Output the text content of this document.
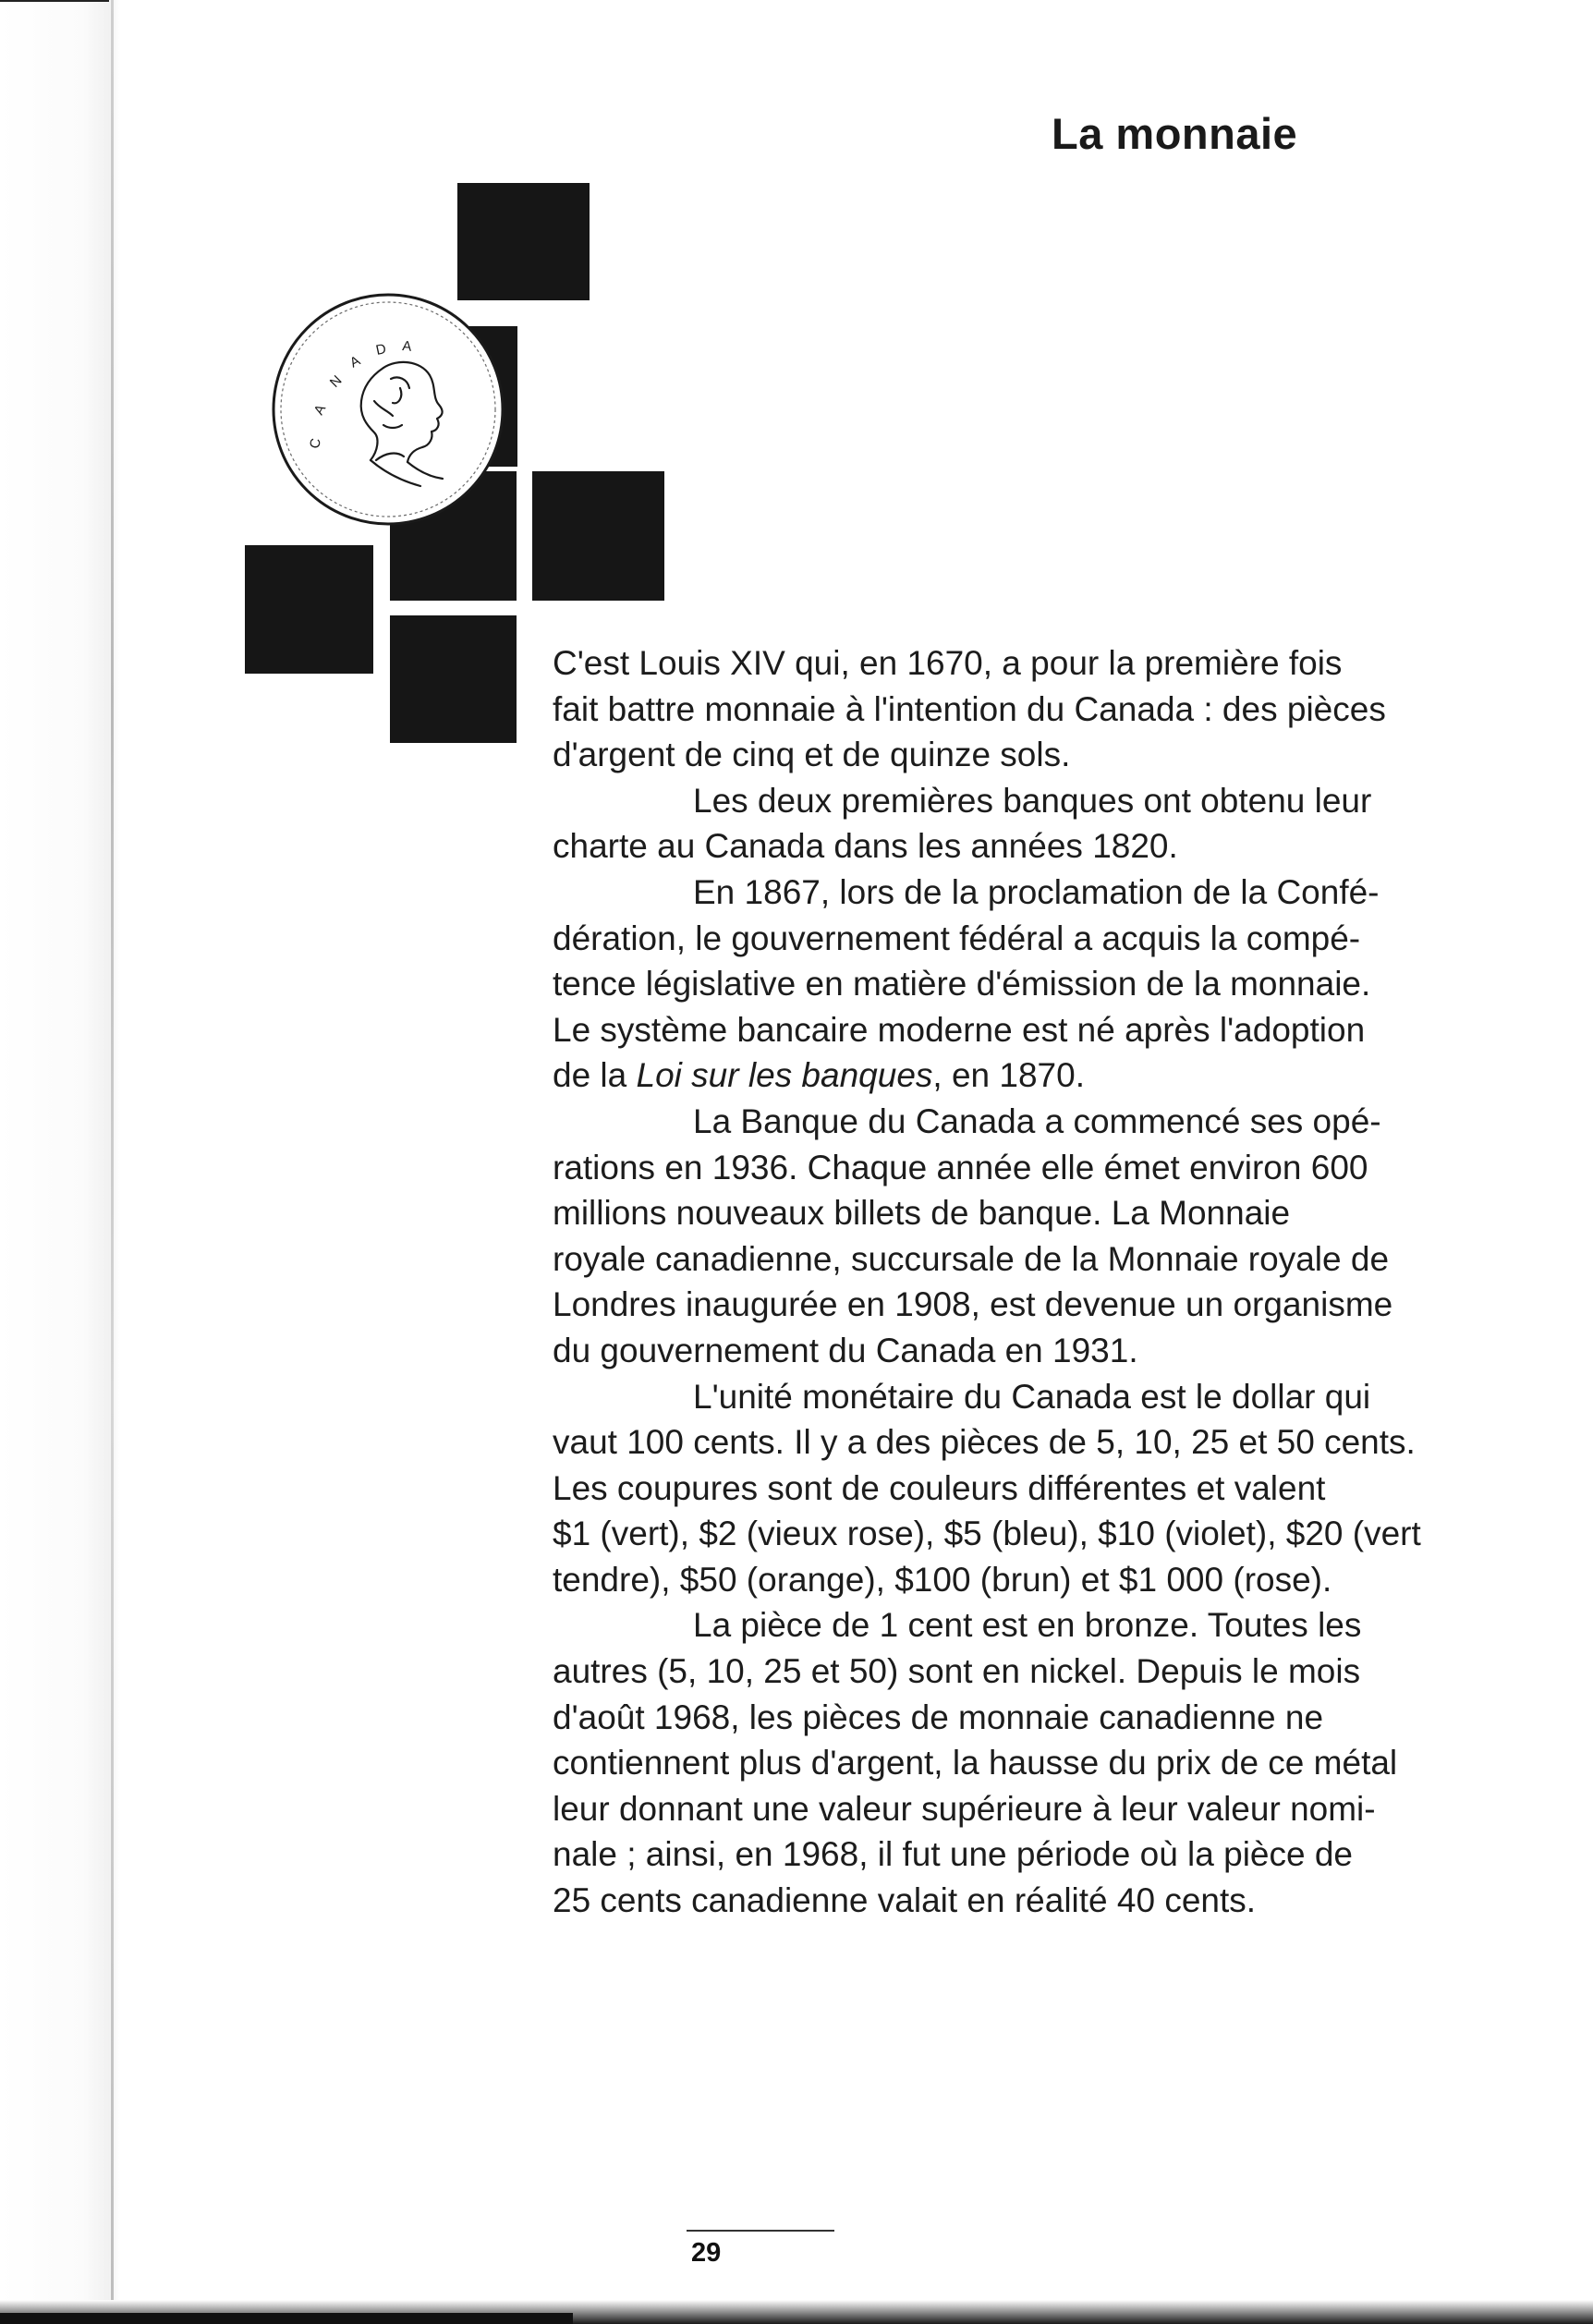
La monnaie
C
A
N
A
D A

C'est Louis XIV qui, en 1670, a pour la première fois
fait battre monnaie à l'intention du Canada : des pièces
d'argent de cinq et de quinze sols.

Les deux premières banques ont obtenu leur
charte au Canada dans les années 1820.

En 1867, lors de la proclamation de la Confé-
dération, le gouvernement fédéral a acquis la compé-
tence législative en matière d'émission de la monnaie.
Le système bancaire moderne est né après l'adoption
de la Loi sur les banques, en 1870.

La Banque du Canada a commencé ses opé-
rations en 1936. Chaque année elle émet environ 600
millions nouveaux billets de banque. La Monnaie
royale canadienne, succursale de la Monnaie royale de
Londres inaugurée en 1908, est devenue un organisme
du gouvernement du Canada en 1931.

L'unité monétaire du Canada est le dollar qui
vaut 100 cents. Il y a des pièces de 5, 10, 25 et 50 cents.
Les coupures sont de couleurs différentes et valent
$1 (vert), $2 (vieux rose), $5 (bleu), $10 (violet), $20 (vert
tendre), $50 (orange), $100 (brun) et $1 000 (rose).

La pièce de 1 cent est en bronze. Toutes les
autres (5, 10, 25 et 50) sont en nickel. Depuis le mois
d'août 1968, les pièces de monnaie canadienne ne
contiennent plus d'argent, la hausse du prix de ce métal
leur donnant une valeur supérieure à leur valeur nomi-
nale ; ainsi, en 1968, il fut une période où la pièce de
25 cents canadienne valait en réalité 40 cents.

29
